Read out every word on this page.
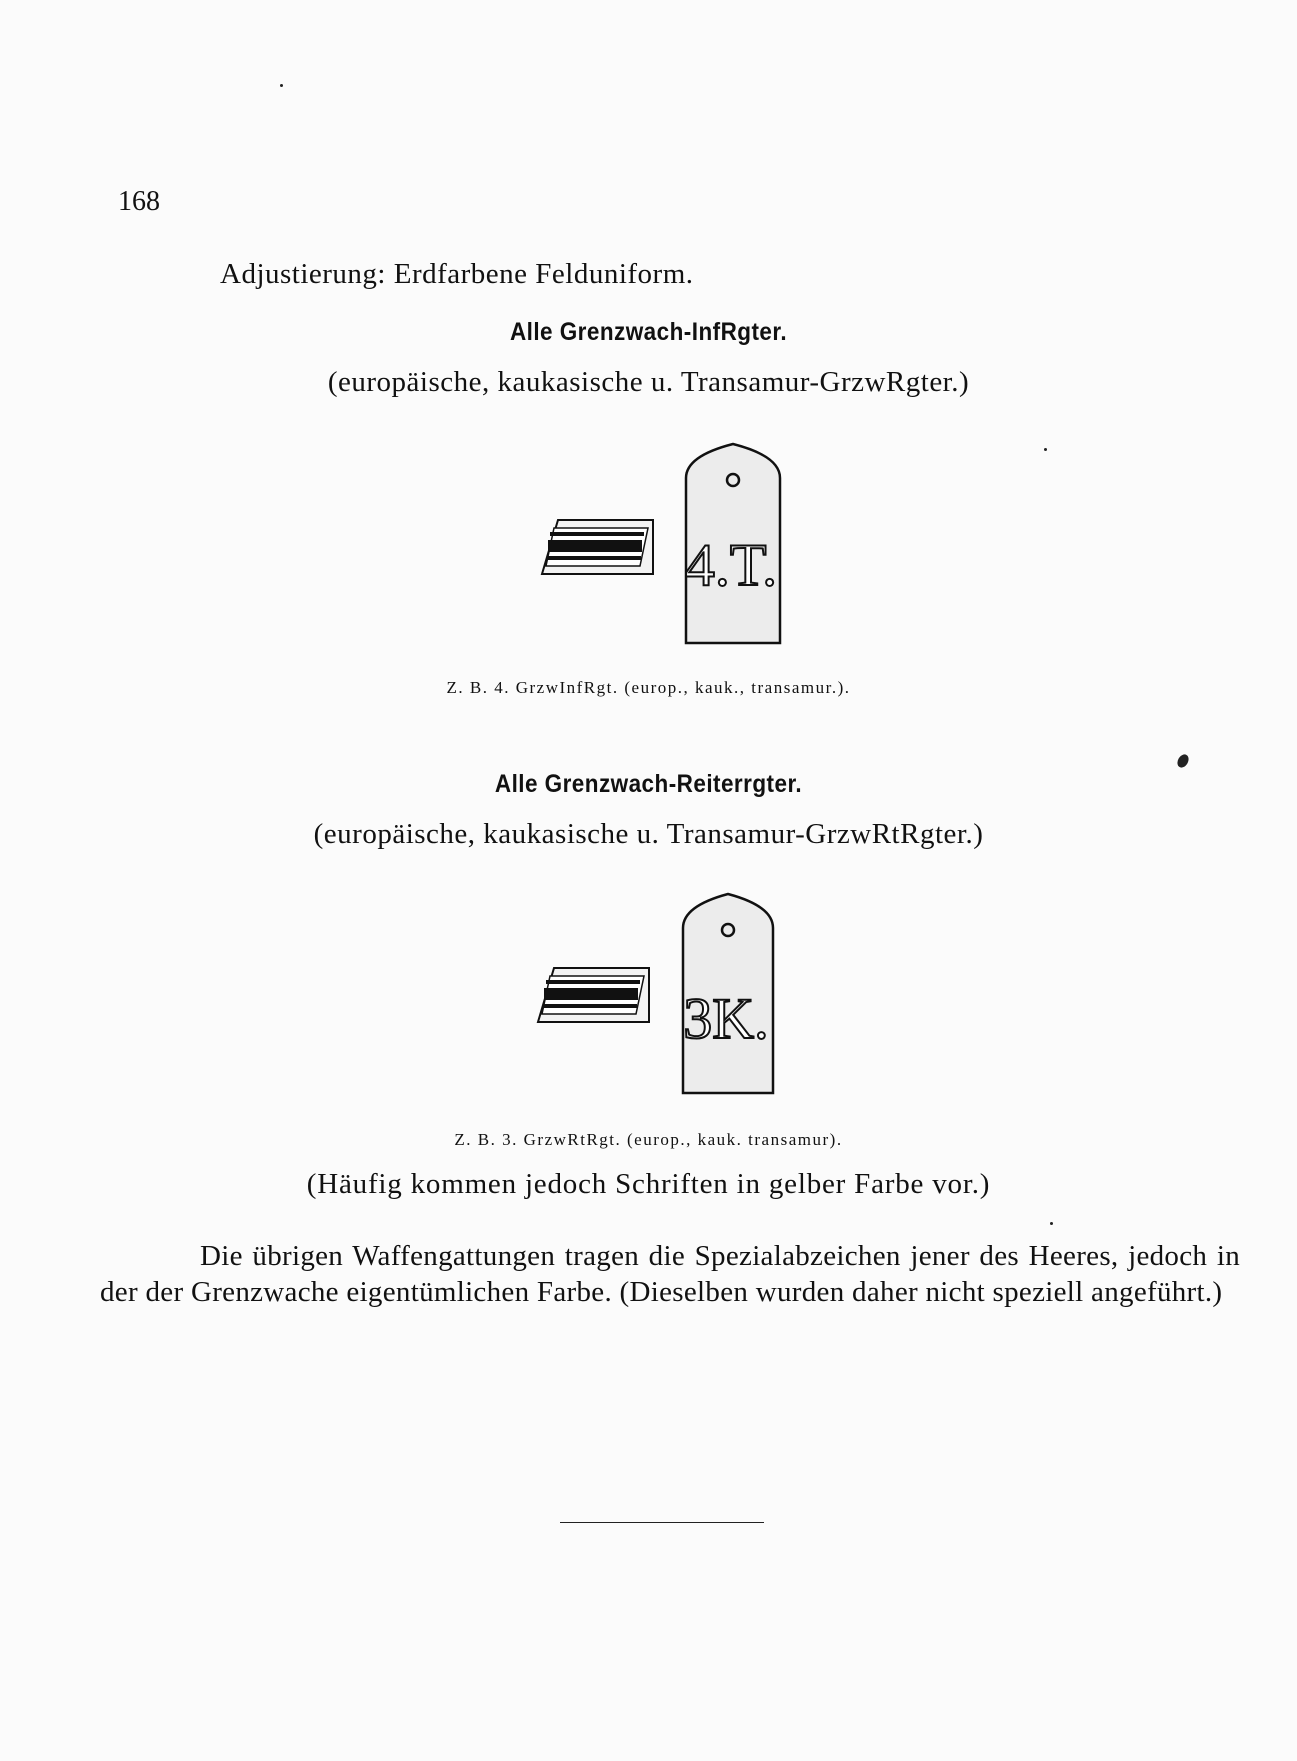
168
Adjustierung: Erdfarbene Felduniform.
Alle Grenzwach-InfRgter.
(europäische, kaukasische u. Transamur-GrzwRgter.)
4.T.
Z. B. 4. GrzwInfRgt. (europ., kauk., transamur.).
Alle Grenzwach-Reiterrgter.
(europäische, kaukasische u. Transamur-GrzwRtRgter.)
3K.
Z. B. 3. GrzwRtRgt. (europ., kauk. transamur).
(Häufig kommen jedoch Schriften in gelber Farbe vor.)
Die übrigen Waffengattungen tragen die Spezialabzeichen jener des Heeres, jedoch in der der Grenzwache eigentümlichen Farbe. (Dieselben wurden daher nicht speziell angeführt.)
